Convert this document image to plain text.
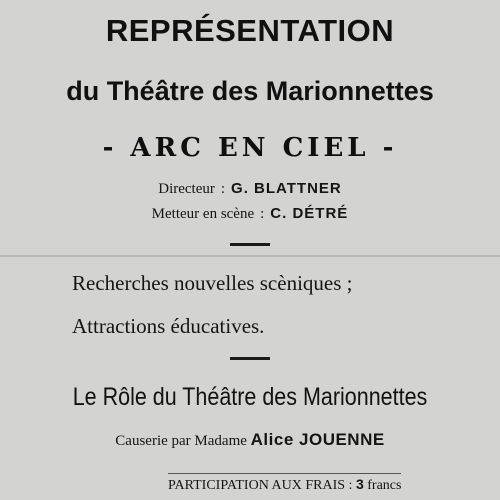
REPRÉSENTATION
du Théâtre des Marionnettes
- ARC EN CIEL -
Directeur : G. BLATTNER
Metteur en scène : C. DÉTRÉ
Recherches nouvelles scèniques ;
Attractions éducatives.
Le Rôle du Théâtre des Marionnettes
Causerie par Madame Alice JOUENNE
PARTICIPATION AUX FRAIS : 3 francs
